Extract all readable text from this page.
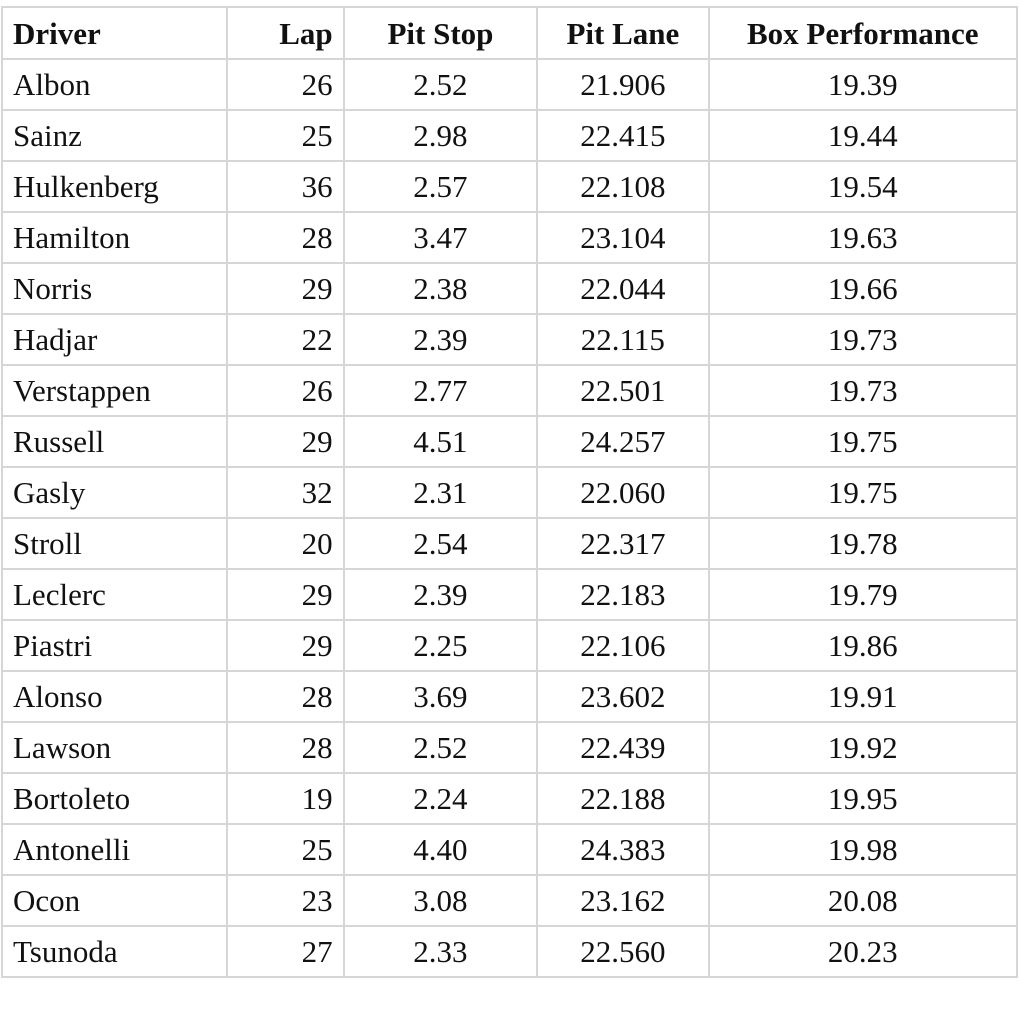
Driver	Lap	Pit Stop	Pit Lane	Box Performance
Albon	26	2.52	21.906	19.39
Sainz	25	2.98	22.415	19.44
Hulkenberg	36	2.57	22.108	19.54
Hamilton	28	3.47	23.104	19.63
Norris	29	2.38	22.044	19.66
Hadjar	22	2.39	22.115	19.73
Verstappen	26	2.77	22.501	19.73
Russell	29	4.51	24.257	19.75
Gasly	32	2.31	22.060	19.75
Stroll	20	2.54	22.317	19.78
Leclerc	29	2.39	22.183	19.79
Piastri	29	2.25	22.106	19.86
Alonso	28	3.69	23.602	19.91
Lawson	28	2.52	22.439	19.92
Bortoleto	19	2.24	22.188	19.95
Antonelli	25	4.40	24.383	19.98
Ocon	23	3.08	23.162	20.08
Tsunoda	27	2.33	22.560	20.23
